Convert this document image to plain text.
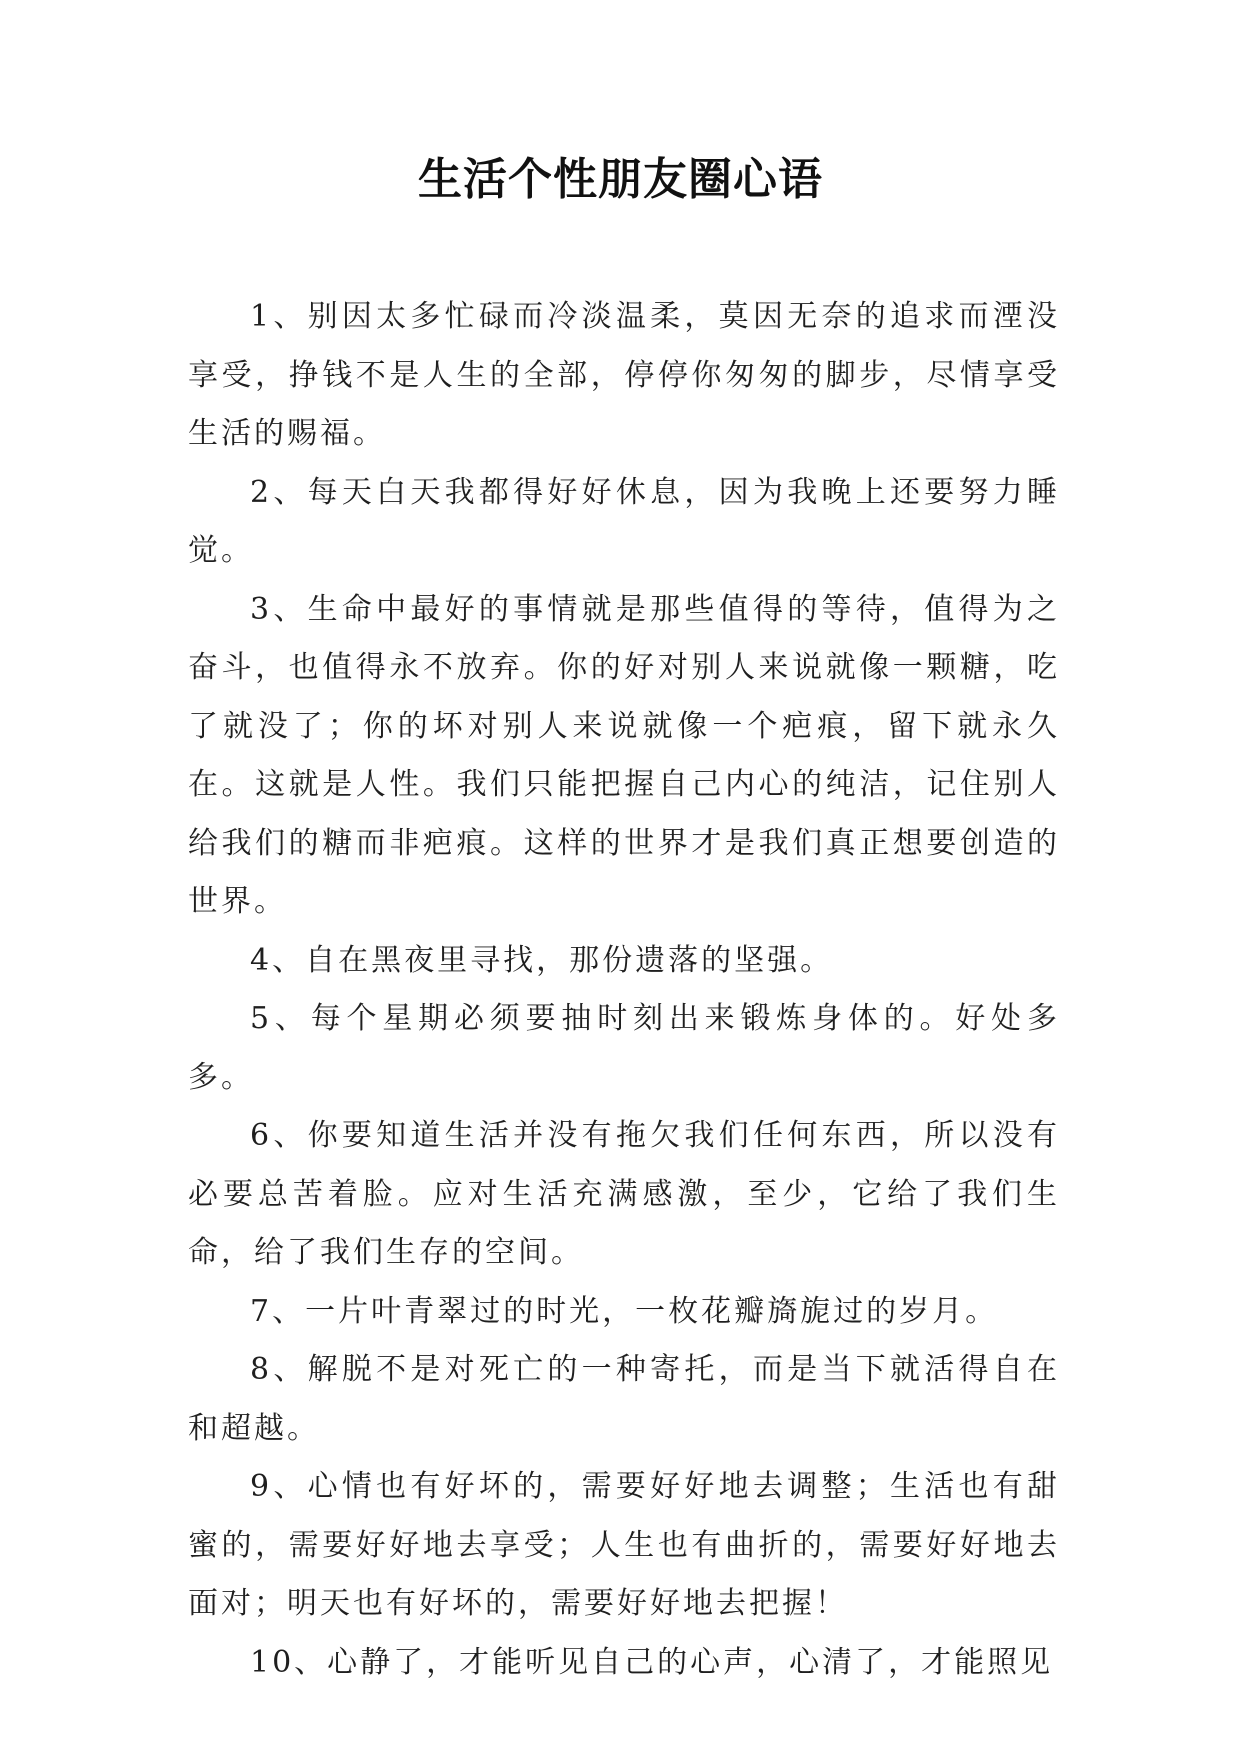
生活个性朋友圈心语

1、别因太多忙碌而冷淡温柔，莫因无奈的追求而湮没享受，挣钱不是人生的全部，停停你匆匆的脚步，尽情享受生活的赐福。

2、每天白天我都得好好休息，因为我晚上还要努力睡觉。

3、生命中最好的事情就是那些值得的等待，值得为之奋斗，也值得永不放弃。你的好对别人来说就像一颗糖，吃了就没了；你的坏对别人来说就像一个疤痕，留下就永久在。这就是人性。我们只能把握自己内心的纯洁，记住别人给我们的糖而非疤痕。这样的世界才是我们真正想要创造的世界。

4、自在黑夜里寻找，那份遗落的坚强。

5、每个星期必须要抽时刻出来锻炼身体的。好处多多。

6、你要知道生活并没有拖欠我们任何东西，所以没有必要总苦着脸。应对生活充满感激，至少，它给了我们生命，给了我们生存的空间。

7、一片叶青翠过的时光，一枚花瓣旖旎过的岁月。

8、解脱不是对死亡的一种寄托，而是当下就活得自在和超越。

9、心情也有好坏的，需要好好地去调整；生活也有甜蜜的，需要好好地去享受；人生也有曲折的，需要好好地去面对；明天也有好坏的，需要好好地去把握！

10、心静了，才能听见自己的心声，心清了，才能照见
